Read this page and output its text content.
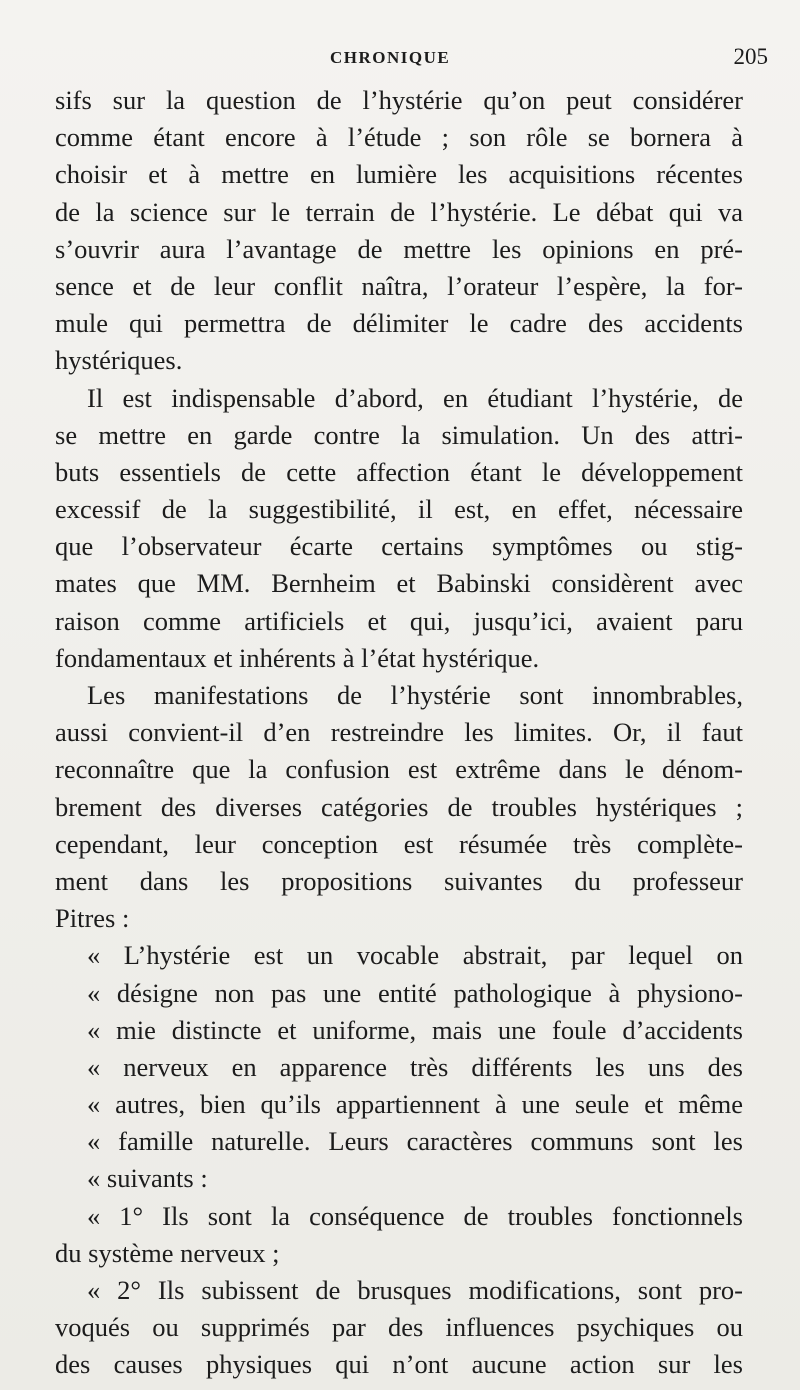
CHRONIQUE	205
sifs sur la question de l’hystérie qu’on peut considérer
comme étant encore à l’étude ; son rôle se bornera à
choisir et à mettre en lumière les acquisitions récentes
de la science sur le terrain de l’hystérie. Le débat qui va
s’ouvrir aura l’avantage de mettre les opinions en pré-
sence et de leur conflit naîtra, l’orateur l’espère, la for-
mule qui permettra de délimiter le cadre des accidents
hystériques.
Il est indispensable d’abord, en étudiant l’hystérie, de
se mettre en garde contre la simulation. Un des attri-
buts essentiels de cette affection étant le développement
excessif de la suggestibilité, il est, en effet, nécessaire
que l’observateur écarte certains symptômes ou stig-
mates que MM. Bernheim et Babinski considèrent avec
raison comme artificiels et qui, jusqu’ici, avaient paru
fondamentaux et inhérents à l’état hystérique.
Les manifestations de l’hystérie sont innombrables,
aussi convient-il d’en restreindre les limites. Or, il faut
reconnaître que la confusion est extrême dans le dénom-
brement des diverses catégories de troubles hystériques ;
cependant, leur conception est résumée très complète-
ment dans les propositions suivantes du professeur
Pitres :
« L’hystérie est un vocable abstrait, par lequel on
« désigne non pas une entité pathologique à physiono-
« mie distincte et uniforme, mais une foule d’accidents
« nerveux en apparence très différents les uns des
« autres, bien qu’ils appartiennent à une seule et même
« famille naturelle. Leurs caractères communs sont les
« suivants :
« 1° Ils sont la conséquence de troubles fonctionnels
du système nerveux ;
« 2° Ils subissent de brusques modifications, sont pro-
voqués ou supprimés par des influences psychiques ou
des causes physiques qui n’ont aucune action sur les
